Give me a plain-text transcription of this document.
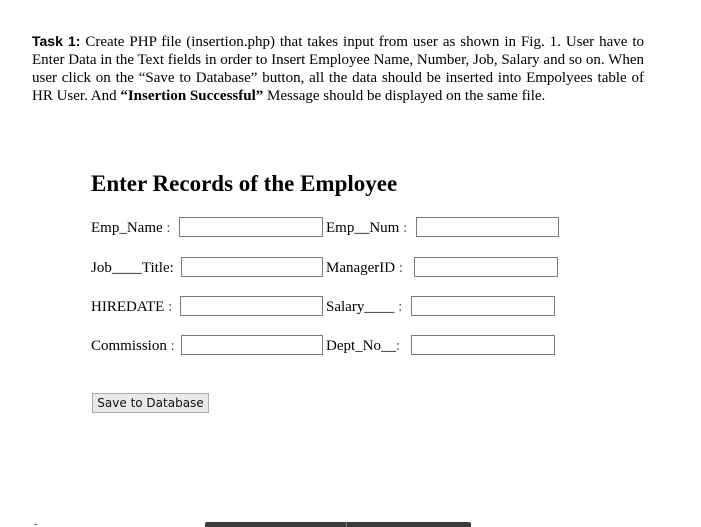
Task 1: Create PHP file (insertion.php) that takes input from user as shown in Fig. 1. User have to Enter Data in the Text fields in order to Insert Employee Name, Number, Job, Salary and so on. When user click on the “Save to Database” button, all the data should be inserted into Empolyees table of HR User. And “Insertion Successful” Message should be displayed on the same file.
Enter Records of the Employee
Emp_Name :	Emp__Num :
Job____Title:	ManagerID :
HIREDATE :	Salary____ :
Commission :	Dept_No__:
Save to Database
-
